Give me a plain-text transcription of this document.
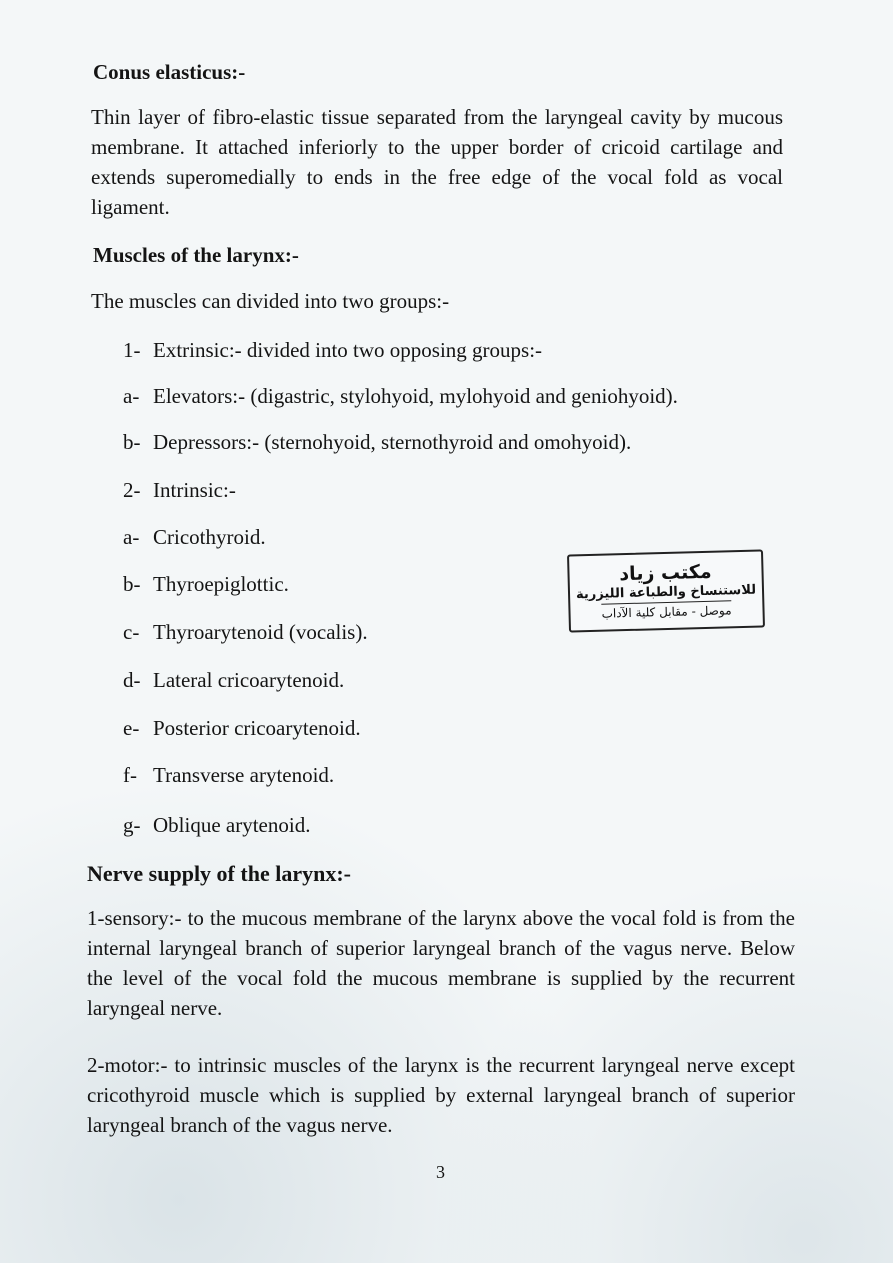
Conus elasticus:-

Thin layer of fibro-elastic tissue separated from the laryngeal cavity by mucous membrane. It attached inferiorly to the upper border of cricoid cartilage and extends superomedially to ends in the free edge of the vocal fold as vocal ligament.

Muscles of the larynx:-

The muscles can divided into two groups:-

1- Extrinsic:- divided into two opposing groups:-

a- Elevators:- (digastric, stylohyoid, mylohyoid and geniohyoid).

b- Depressors:- (sternohyoid, sternothyroid and omohyoid).

2- Intrinsic:-

a- Cricothyroid.

b- Thyroepiglottic.

c- Thyroarytenoid (vocalis).

d- Lateral cricoarytenoid.

e- Posterior cricoarytenoid.

f- Transverse arytenoid.

g- Oblique arytenoid.

Nerve supply of the larynx:-

1-sensory:- to the mucous membrane of the larynx above the vocal fold is from the internal laryngeal branch of superior laryngeal branch of the vagus nerve. Below the level of the vocal fold the mucous membrane is supplied by the recurrent laryngeal nerve.

2-motor:- to intrinsic muscles of the larynx is the recurrent laryngeal nerve except cricothyroid muscle which is supplied by external laryngeal branch of superior laryngeal branch of the vagus nerve.

مكتب زياد
للاستنساخ والطباعة الليزرية
موصل - مقابل كلية الآداب
3
